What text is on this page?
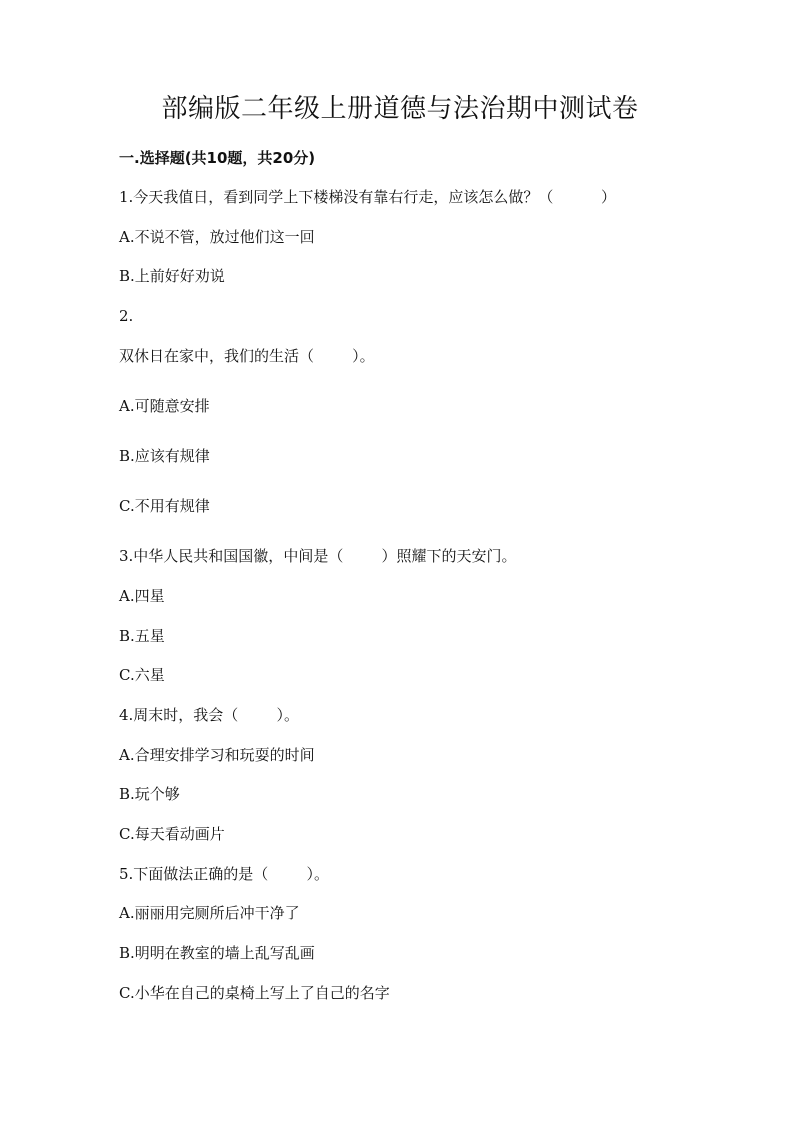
部编版二年级上册道德与法治期中测试卷
一.选择题(共10题，共20分)
1.今天我值日，看到同学上下楼梯没有靠右行走，应该怎么做？（          ）
A.不说不管，放过他们这一回
B.上前好好劝说
2.
双休日在家中，我们的生活（        ）。
A.可随意安排
B.应该有规律
C.不用有规律
3.中华人民共和国国徽，中间是（        ）照耀下的天安门。
A.四星
B.五星
C.六星
4.周末时，我会（        ）。
A.合理安排学习和玩耍的时间
B.玩个够
C.每天看动画片
5.下面做法正确的是（        ）。
A.丽丽用完厕所后冲干净了
B.明明在教室的墙上乱写乱画
C.小华在自己的桌椅上写上了自己的名字
